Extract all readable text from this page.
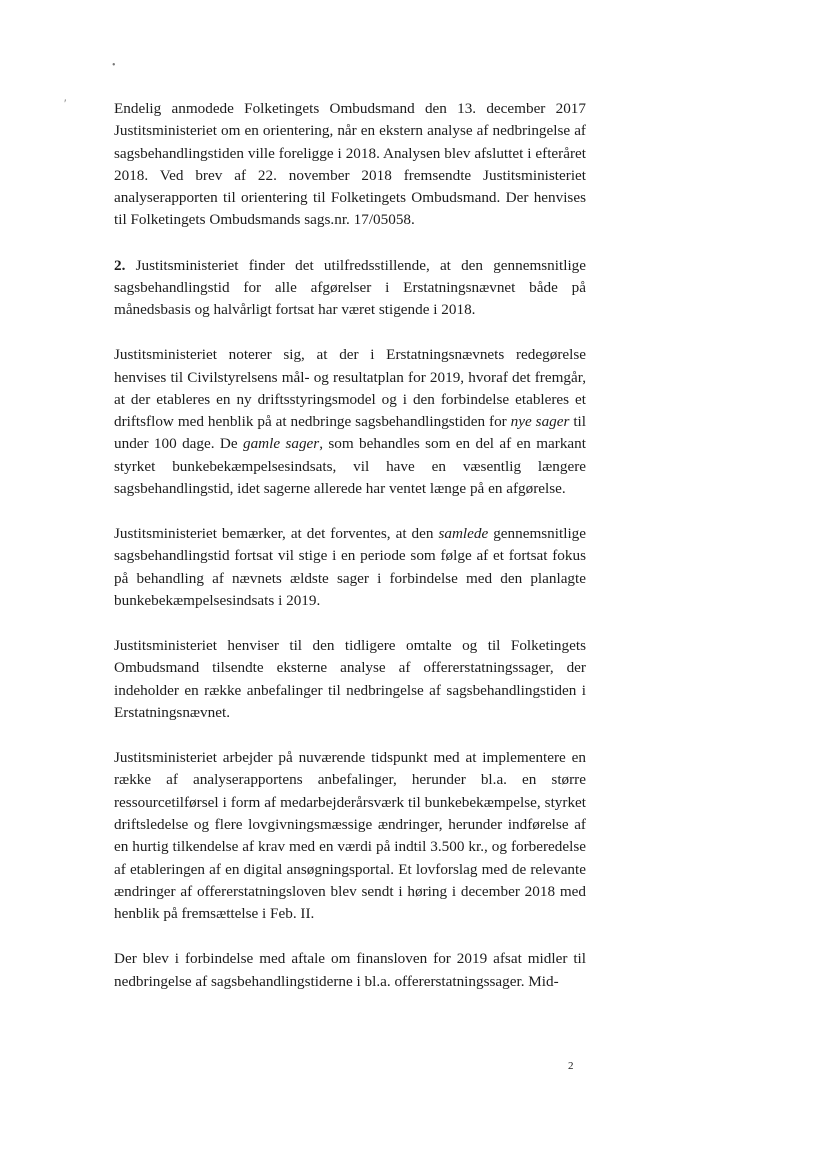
•
′	Endelig anmodede Folketingets Ombudsmand den 13. december 2017 Justitsministeriet om en orientering, når en ekstern analyse af nedbringelse af sagsbehandlingstiden ville foreligge i 2018. Analysen blev afsluttet i efteråret 2018. Ved brev af 22. november 2018 fremsendte Justitsministeriet analyserapporten til orientering til Folketingets Ombudsmand. Der henvises til Folketingets Ombudsmands sags.nr. 17/05058.

2. Justitsministeriet finder det utilfredsstillende, at den gennemsnitlige sagsbehandlingstid for alle afgørelser i Erstatningsnævnet både på månedsbasis og halvårligt fortsat har været stigende i 2018.

Justitsministeriet noterer sig, at der i Erstatningsnævnets redegørelse henvises til Civilstyrelsens mål- og resultatplan for 2019, hvoraf det fremgår, at der etableres en ny driftsstyringsmodel og i den forbindelse etableres et driftsflow med henblik på at nedbringe sagsbehandlingstiden for nye sager til under 100 dage. De gamle sager, som behandles som en del af en markant styrket bunkebekæmpelsesindsats, vil have en væsentlig længere sagsbehandlingstid, idet sagerne allerede har ventet længe på en afgørelse.

Justitsministeriet bemærker, at det forventes, at den samlede gennemsnitlige sagsbehandlingstid fortsat vil stige i en periode som følge af et fortsat fokus på behandling af nævnets ældste sager i forbindelse med den planlagte bunkebekæmpelsesindsats i 2019.

Justitsministeriet henviser til den tidligere omtalte og til Folketingets Ombudsmand tilsendte eksterne analyse af offererstatningssager, der indeholder en række anbefalinger til nedbringelse af sagsbehandlingstiden i Erstatningsnævnet.

Justitsministeriet arbejder på nuværende tidspunkt med at implementere en række af analyserapportens anbefalinger, herunder bl.a. en større ressourcetilførsel i form af medarbejderårsværk til bunkebekæmpelse, styrket driftsledelse og flere lovgivningsmæssige ændringer, herunder indførelse af en hurtig tilkendelse af krav med en værdi på indtil 3.500 kr., og forberedelse af etableringen af en digital ansøgningsportal. Et lovforslag med de relevante ændringer af offererstatningsloven blev sendt i høring i december 2018 med henblik på fremsættelse i Feb. II.

Der blev i forbindelse med aftale om finansloven for 2019 afsat midler til nedbringelse af sagsbehandlingstiderne i bl.a. offererstatningssager. Mid-

2
